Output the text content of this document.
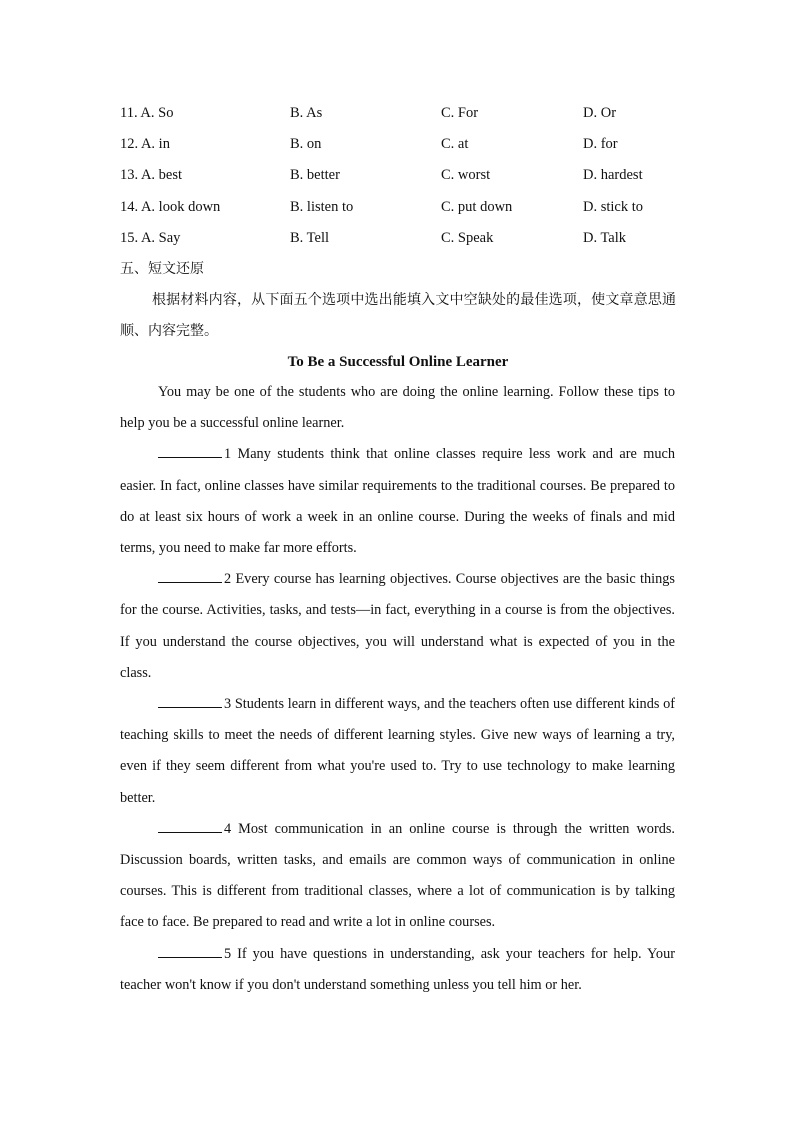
11. A. So	B. As	C. For	D. Or
12. A. in	B. on	C. at	D. for
13. A. best	B. better	C. worst	D. hardest
14. A. look down	B. listen to	C. put down	D. stick to
15. A. Say	B. Tell	C. Speak	D. Talk
五、短文还原
根据材料内容，从下面五个选项中选出能填入文中空缺处的最佳选项，使文章意思通顺、内容完整。
To Be a Successful Online Learner

You may be one of the students who are doing the online learning. Follow these tips to help you be a successful online learner.

1 Many students think that online classes require less work and are much easier. In fact, online classes have similar requirements to the traditional courses. Be prepared to do at least six hours of work a week in an online course. During the weeks of finals and mid terms, you need to make far more efforts.

2 Every course has learning objectives. Course objectives are the basic things for the course. Activities, tasks, and tests—in fact, everything in a course is from the objectives. If you understand the course objectives, you will understand what is expected of you in the class.

3 Students learn in different ways, and the teachers often use different kinds of teaching skills to meet the needs of different learning styles. Give new ways of learning a try, even if they seem different from what you're used to. Try to use technology to make learning better.

4 Most communication in an online course is through the written words. Discussion boards, written tasks, and emails are common ways of communication in online courses. This is different from traditional classes, where a lot of communication is by talking face to face. Be prepared to read and write a lot in online courses.

5 If you have questions in understanding, ask your teachers for help. Your teacher won't know if you don't understand something unless you tell him or her.
